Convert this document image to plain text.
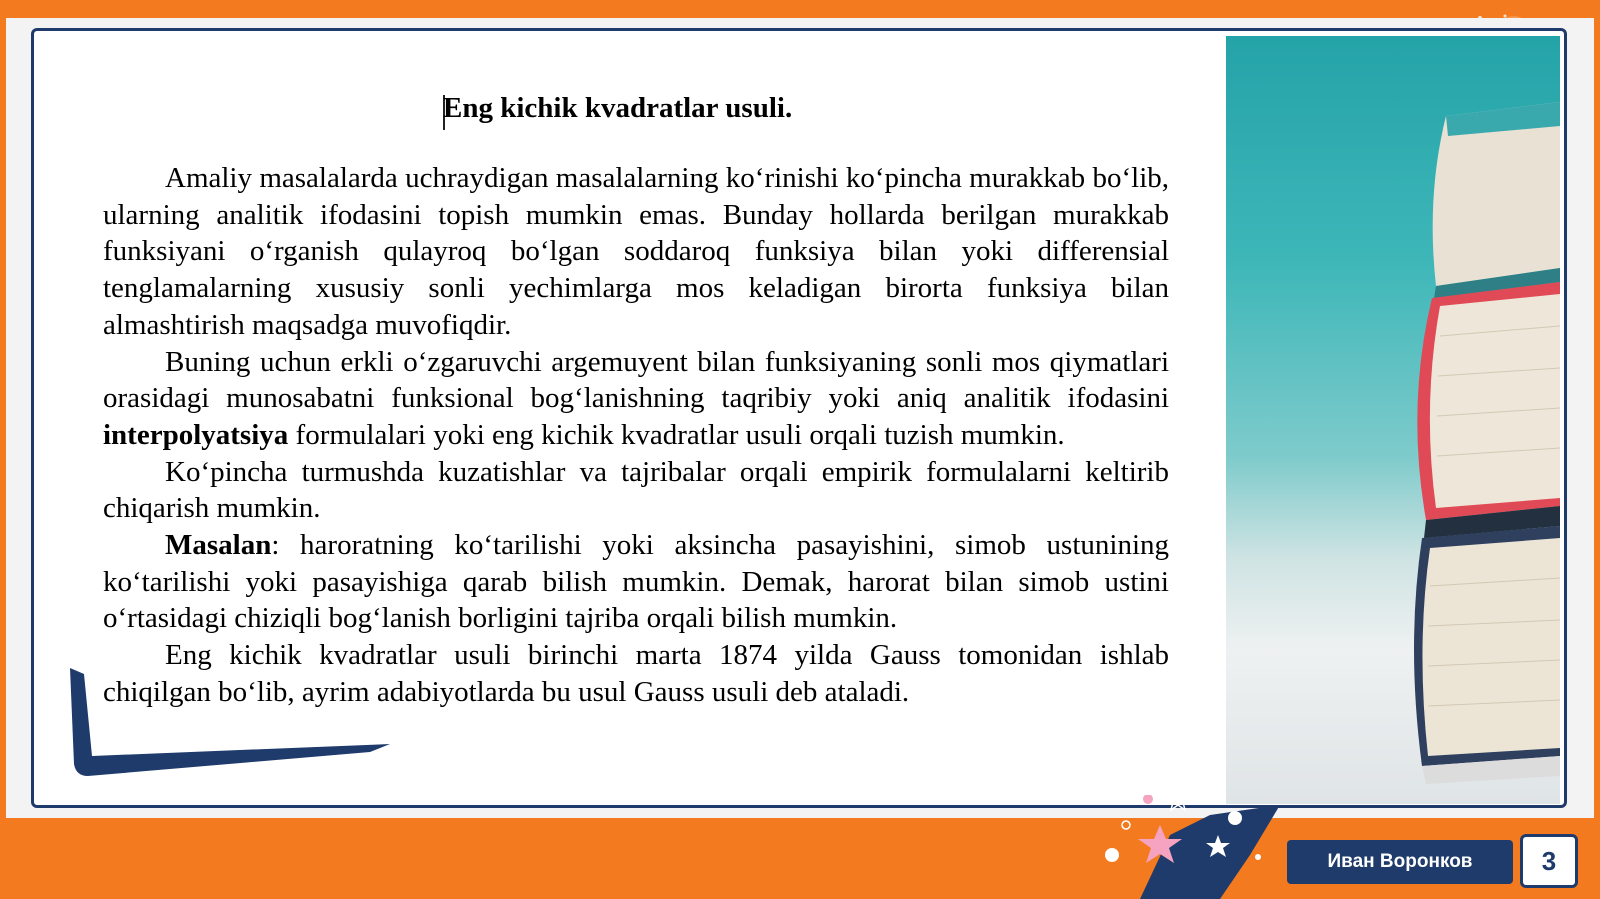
Eng kichik kvadratlar usuli.

Amaliy masalalarda uchraydigan masalalarning ko‘rinishi ko‘pincha murakkab bo‘lib, ularning analitik ifodasini topish mumkin emas. Bunday hollarda berilgan murakkab funksiyani o‘rganish qulayroq bo‘lgan soddaroq funksiya bilan yoki differensial tenglamalarning xususiy sonli yechimlarga mos keladigan birorta funksiya bilan almashtirish maqsadga muvofiqdir.

Buning uchun erkli o‘zgaruvchi argemuyent bilan funksiyaning sonli mos qiymatlari orasidagi munosabatni funksional bog‘lanishning taqribiy yoki aniq analitik ifodasini interpolyatsiya formulalari yoki eng kichik kvadratlar usuli orqali tuzish mumkin.

Ko‘pincha turmushda kuzatishlar va tajribalar orqali empirik formulalarni keltirib chiqarish mumkin.

Masalan: haroratning ko‘tarilishi yoki aksincha pasayishini, simob ustunining ko‘tarilishi yoki pasayishiga qarab bilish mumkin. Demak, harorat bilan simob ustini o‘rtasidagi chiziqli bog‘lanish borligini tajriba orqali bilish mumkin.

Eng kichik kvadratlar usuli birinchi marta 1874 yilda Gauss tomonidan ishlab chiqilgan bo‘lib, ayrim adabiyotlarda bu usul Gauss usuli deb ataladi.

Иван Воронков	3
